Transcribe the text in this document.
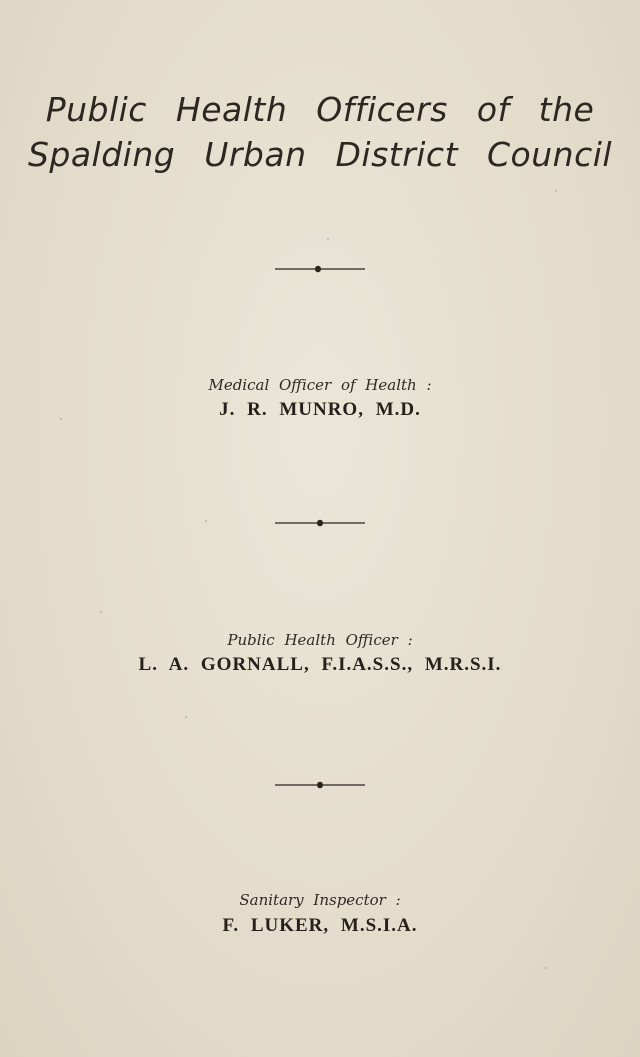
Public Health Officers of the
Spalding Urban District Council
Medical Officer of Health :
J. R. MUNRO, M.D.
Public Health Officer :
L. A. GORNALL, F.I.A.S.S., M.R.S.I.
Sanitary Inspector :
F. LUKER, M.S.I.A.
